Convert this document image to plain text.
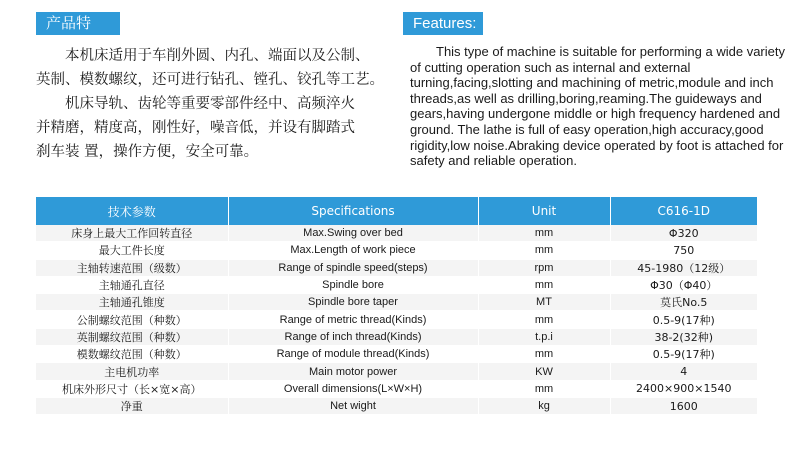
产品特点：
Features:

本机床适用于车削外圆、内孔、端面以及公制、

英制、模数螺纹，还可进行钻孔、镗孔、铰孔等工艺。

机床导轨、齿轮等重要零部件经中、高频淬火

并精磨，精度高，刚性好，噪音低，并设有脚踏式

刹车装 置，操作方便，安全可靠。

This type of machine is suitable for performing a wide variety of cutting operation such as internal and external turning,facing,slotting and machining of metric,module and inch threads,as well as drilling,boring,reaming.The guideways and gears,having undergone middle or high frequency hardened and ground. The lathe is full of easy operation,high accuracy,good rigidity,low noise.Abraking device operated by foot is attached for safety and reliable operation.
技术参数	Specifications	Unit	C616-1D
床身上最大工作回转直径	Max.Swing over bed	mm	Φ320
最大工件长度	Max.Length of work piece	mm	750
主轴转速范围（级数）	Range of spindle speed(steps)	rpm	45-1980（12级）
主轴通孔直径	Spindle bore	mm	Φ30（Φ40）
主轴通孔锥度	Spindle bore taper	MT	莫氏No.5
公制螺纹范围（种数）	Range of metric thread(Kinds)	mm	0.5-9(17种)
英制螺纹范围（种数）	Range of inch thread(Kinds)	t.p.i	38-2(32种)
模数螺纹范围（种数）	Range of module thread(Kinds)	mm	0.5-9(17种)
主电机功率	Main motor power	KW	4
机床外形尺寸（长×宽×高）	Overall dimensions(L×W×H)	mm	2400×900×1540
净重	Net wight	kg	1600
